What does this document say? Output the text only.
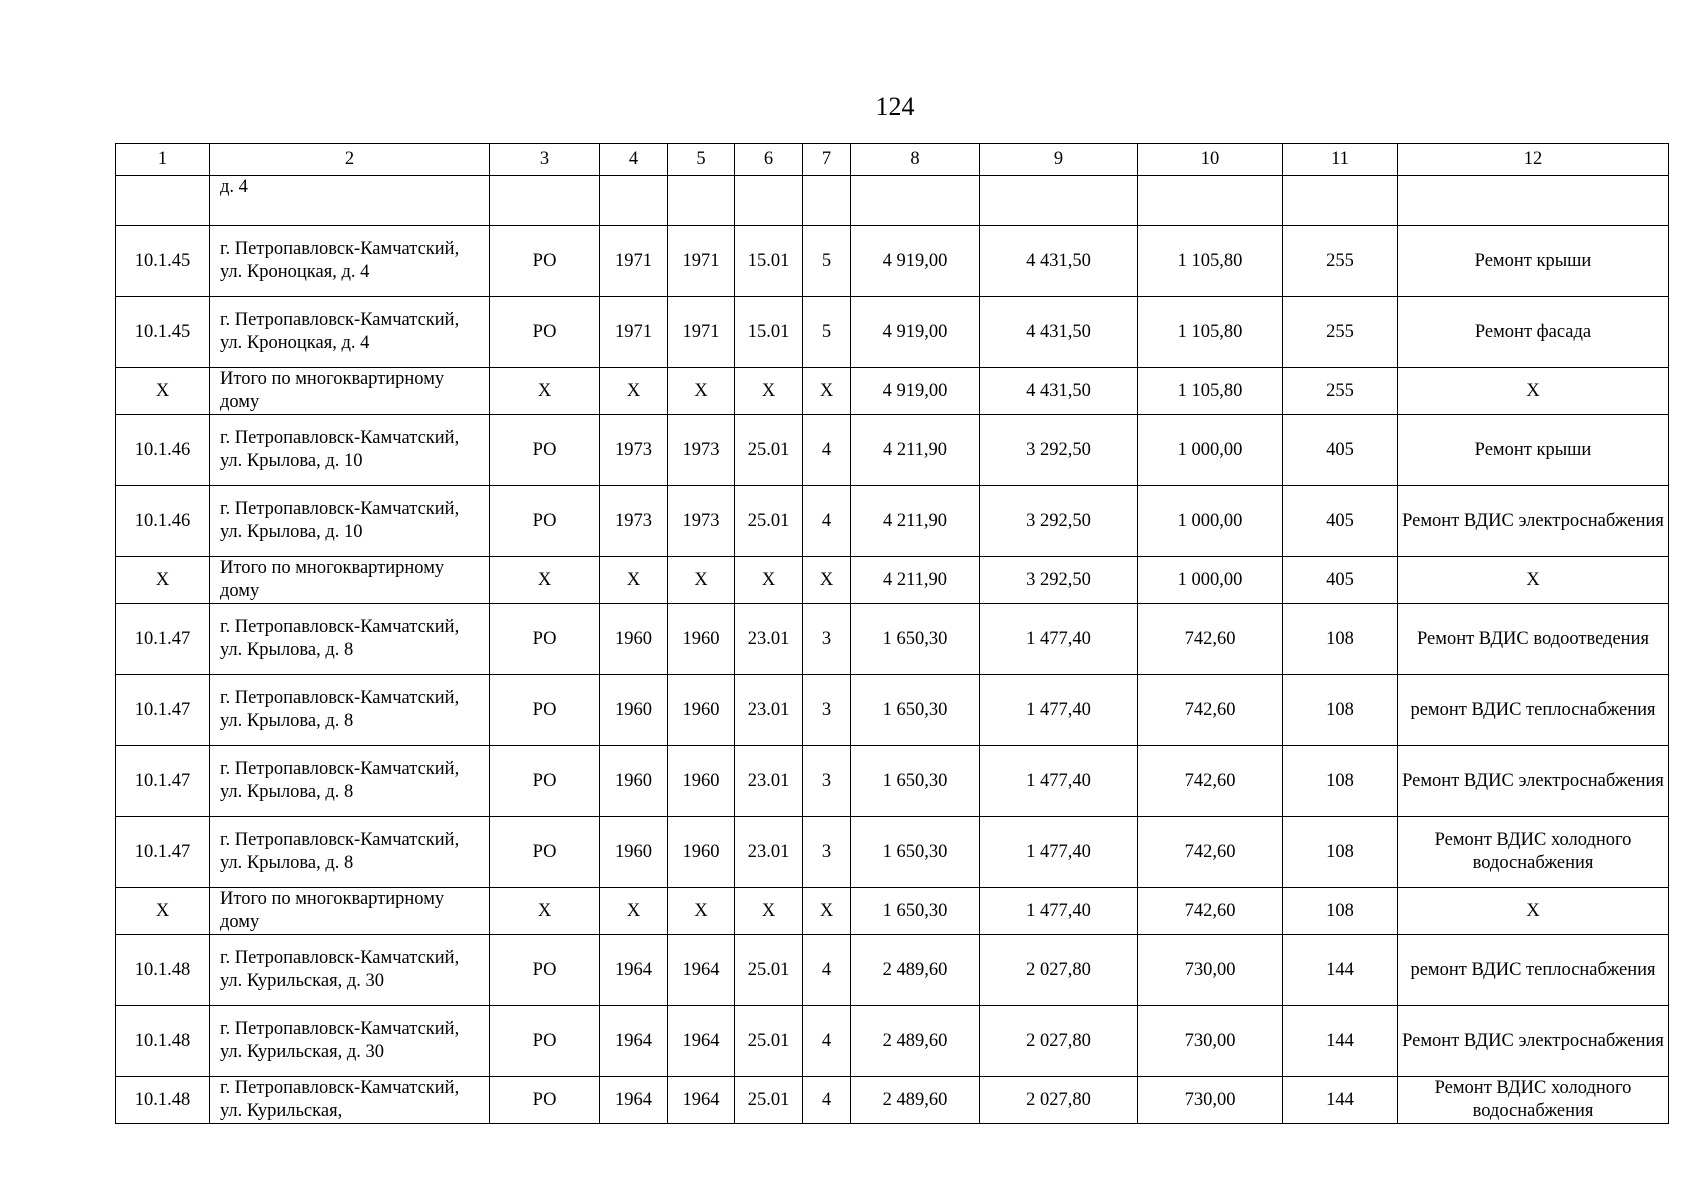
124
1	2	3	4	5	6	7	8	9	10	11	12
	д. 4										
10.1.45	г. Петропавловск-Камчатский, ул. Кроноцкая, д. 4	РО	1971	1971	15.01	5	4 919,00	4 431,50	1 105,80	255	Ремонт крыши
10.1.45	г. Петропавловск-Камчатский, ул. Кроноцкая, д. 4	РО	1971	1971	15.01	5	4 919,00	4 431,50	1 105,80	255	Ремонт фасада
X	Итого по многоквартирному дому	X	X	X	X	X	4 919,00	4 431,50	1 105,80	255	X
10.1.46	г. Петропавловск-Камчатский, ул. Крылова, д. 10	РО	1973	1973	25.01	4	4 211,90	3 292,50	1 000,00	405	Ремонт крыши
10.1.46	г. Петропавловск-Камчатский, ул. Крылова, д. 10	РО	1973	1973	25.01	4	4 211,90	3 292,50	1 000,00	405	Ремонт ВДИС электроснабжения
X	Итого по многоквартирному дому	X	X	X	X	X	4 211,90	3 292,50	1 000,00	405	X
10.1.47	г. Петропавловск-Камчатский, ул. Крылова, д. 8	РО	1960	1960	23.01	3	1 650,30	1 477,40	742,60	108	Ремонт ВДИС водоотведения
10.1.47	г. Петропавловск-Камчатский, ул. Крылова, д. 8	РО	1960	1960	23.01	3	1 650,30	1 477,40	742,60	108	ремонт ВДИС теплоснабжения
10.1.47	г. Петропавловск-Камчатский, ул. Крылова, д. 8	РО	1960	1960	23.01	3	1 650,30	1 477,40	742,60	108	Ремонт ВДИС электроснабжения
10.1.47	г. Петропавловск-Камчатский, ул. Крылова, д. 8	РО	1960	1960	23.01	3	1 650,30	1 477,40	742,60	108	Ремонт ВДИС холодного водоснабжения
X	Итого по многоквартирному дому	X	X	X	X	X	1 650,30	1 477,40	742,60	108	X
10.1.48	г. Петропавловск-Камчатский, ул. Курильская, д. 30	РО	1964	1964	25.01	4	2 489,60	2 027,80	730,00	144	ремонт ВДИС теплоснабжения
10.1.48	г. Петропавловск-Камчатский, ул. Курильская, д. 30	РО	1964	1964	25.01	4	2 489,60	2 027,80	730,00	144	Ремонт ВДИС электроснабжения
10.1.48	г. Петропавловск-Камчатский, ул. Курильская,	РО	1964	1964	25.01	4	2 489,60	2 027,80	730,00	144	Ремонт ВДИС холодного водоснабжения
